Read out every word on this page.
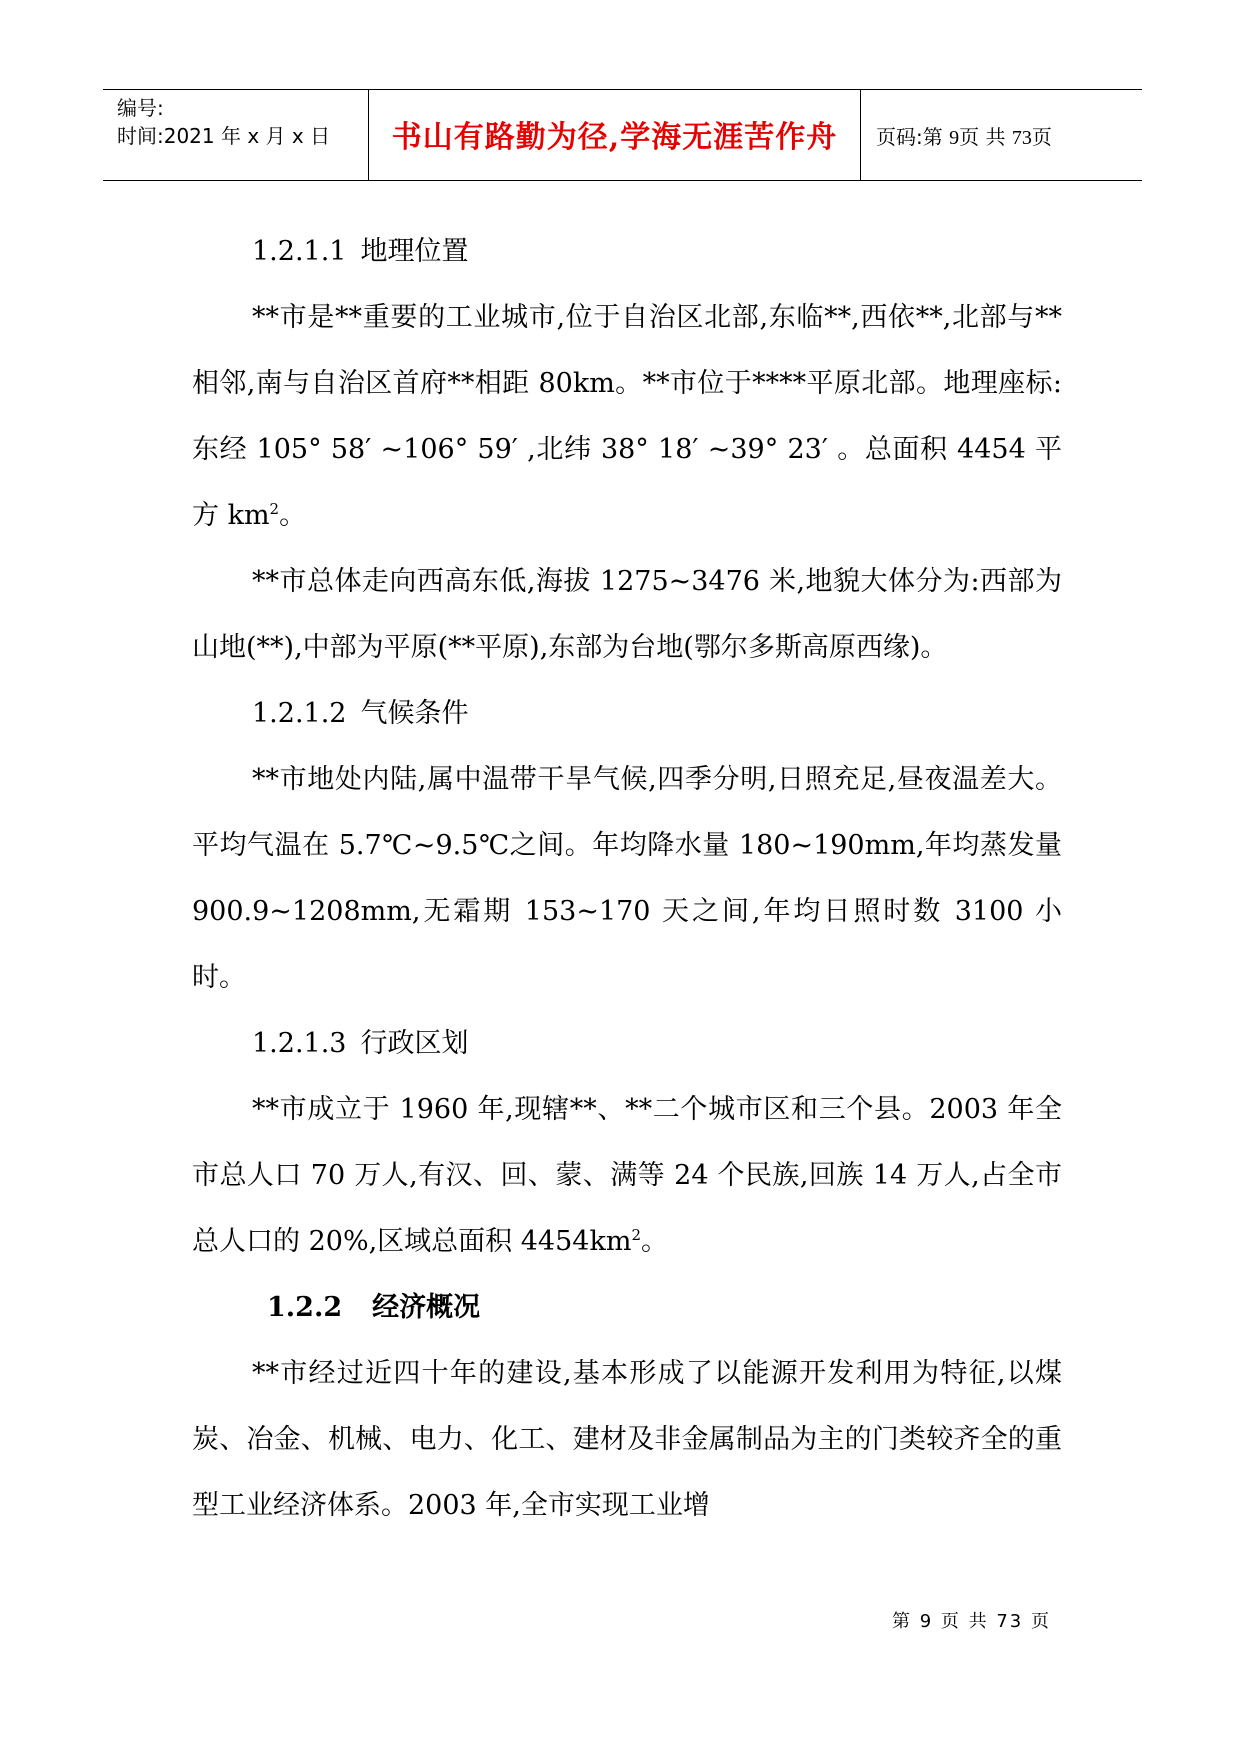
编号:
时间:2021 年 x 月 x 日	书山有路勤为径,学海无涯苦作舟	页码:第 9页 共 73页

1.2.1.1 地理位置

**市是**重要的工业城市,位于自治区北部,东临**,西依**,北部与**相邻,南与自治区首府**相距 80km。**市位于****平原北部。地理座标:东经 105° 58′ ~106° 59′ ,北纬 38° 18′ ~39° 23′ 。总面积 4454 平方 $km^2$。

**市总体走向西高东低,海拔 1275~3476 米,地貌大体分为:西部为山地(**),中部为平原(**平原),东部为台地(鄂尔多斯高原西缘)。

1.2.1.2 气候条件

**市地处内陆,属中温带干旱气候,四季分明,日照充足,昼夜温差大。平均气温在 5.7℃~9.5℃之间。年均降水量 180~190mm,年均蒸发量 900.9~1208mm,无霜期 153~170 天之间,年均日照时数 3100 小时。

1.2.1.3 行政区划

**市成立于 1960 年,现辖**、**二个城市区和三个县。2003 年全市总人口 70 万人,有汉、回、蒙、满等 24 个民族,回族 14 万人,占全市总人口的 20%,区域总面积 $4454km^2$。

1.2.2 经济概况

**市经过近四十年的建设,基本形成了以能源开发利用为特征,以煤炭、冶金、机械、电力、化工、建材及非金属制品为主的门类较齐全的重型工业经济体系。2003 年,全市实现工业增

第 9 页 共 73 页
